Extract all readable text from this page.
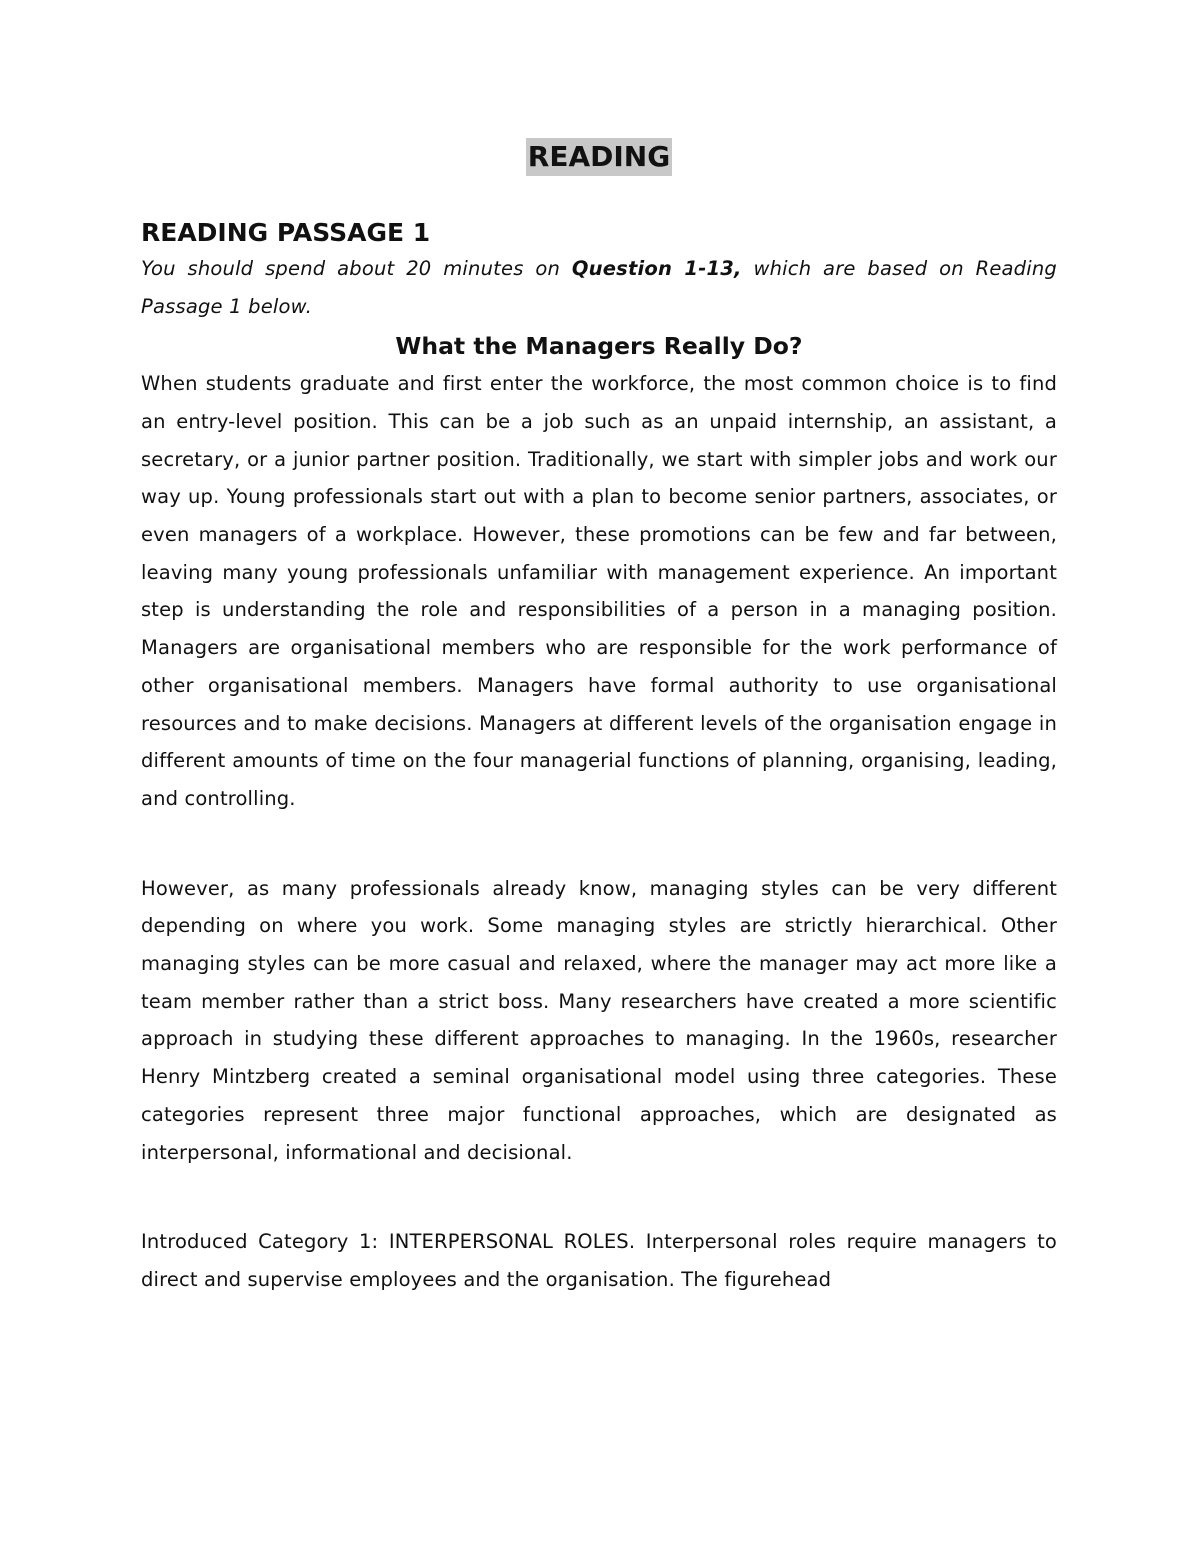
READING
READING PASSAGE 1

You should spend about 20 minutes on Question 1-13, which are based on Reading Passage 1 below.

What the Managers Really Do?

When students graduate and first enter the workforce, the most common choice is to find an entry-level position. This can be a job such as an unpaid internship, an assistant, a secretary, or a junior partner position. Traditionally, we start with simpler jobs and work our way up. Young professionals start out with a plan to become senior partners, associates, or even managers of a workplace. However, these promotions can be few and far between, leaving many young professionals unfamiliar with management experience. An important step is understanding the role and responsibilities of a person in a managing position. Managers are organisational members who are responsible for the work performance of other organisational members. Managers have formal authority to use organisational resources and to make decisions. Managers at different levels of the organisation engage in different amounts of time on the four managerial functions of planning, organising, leading, and controlling.

However, as many professionals already know, managing styles can be very different depending on where you work. Some managing styles are strictly hierarchical. Other managing styles can be more casual and relaxed, where the manager may act more like a team member rather than a strict boss. Many researchers have created a more scientific approach in studying these different approaches to managing. In the 1960s, researcher Henry Mintzberg created a seminal organisational model using three categories. These categories represent three major functional approaches, which are designated as interpersonal, informational and decisional.

Introduced Category 1: INTERPERSONAL ROLES. Interpersonal roles require managers to direct and supervise employees and the organisation. The figurehead
